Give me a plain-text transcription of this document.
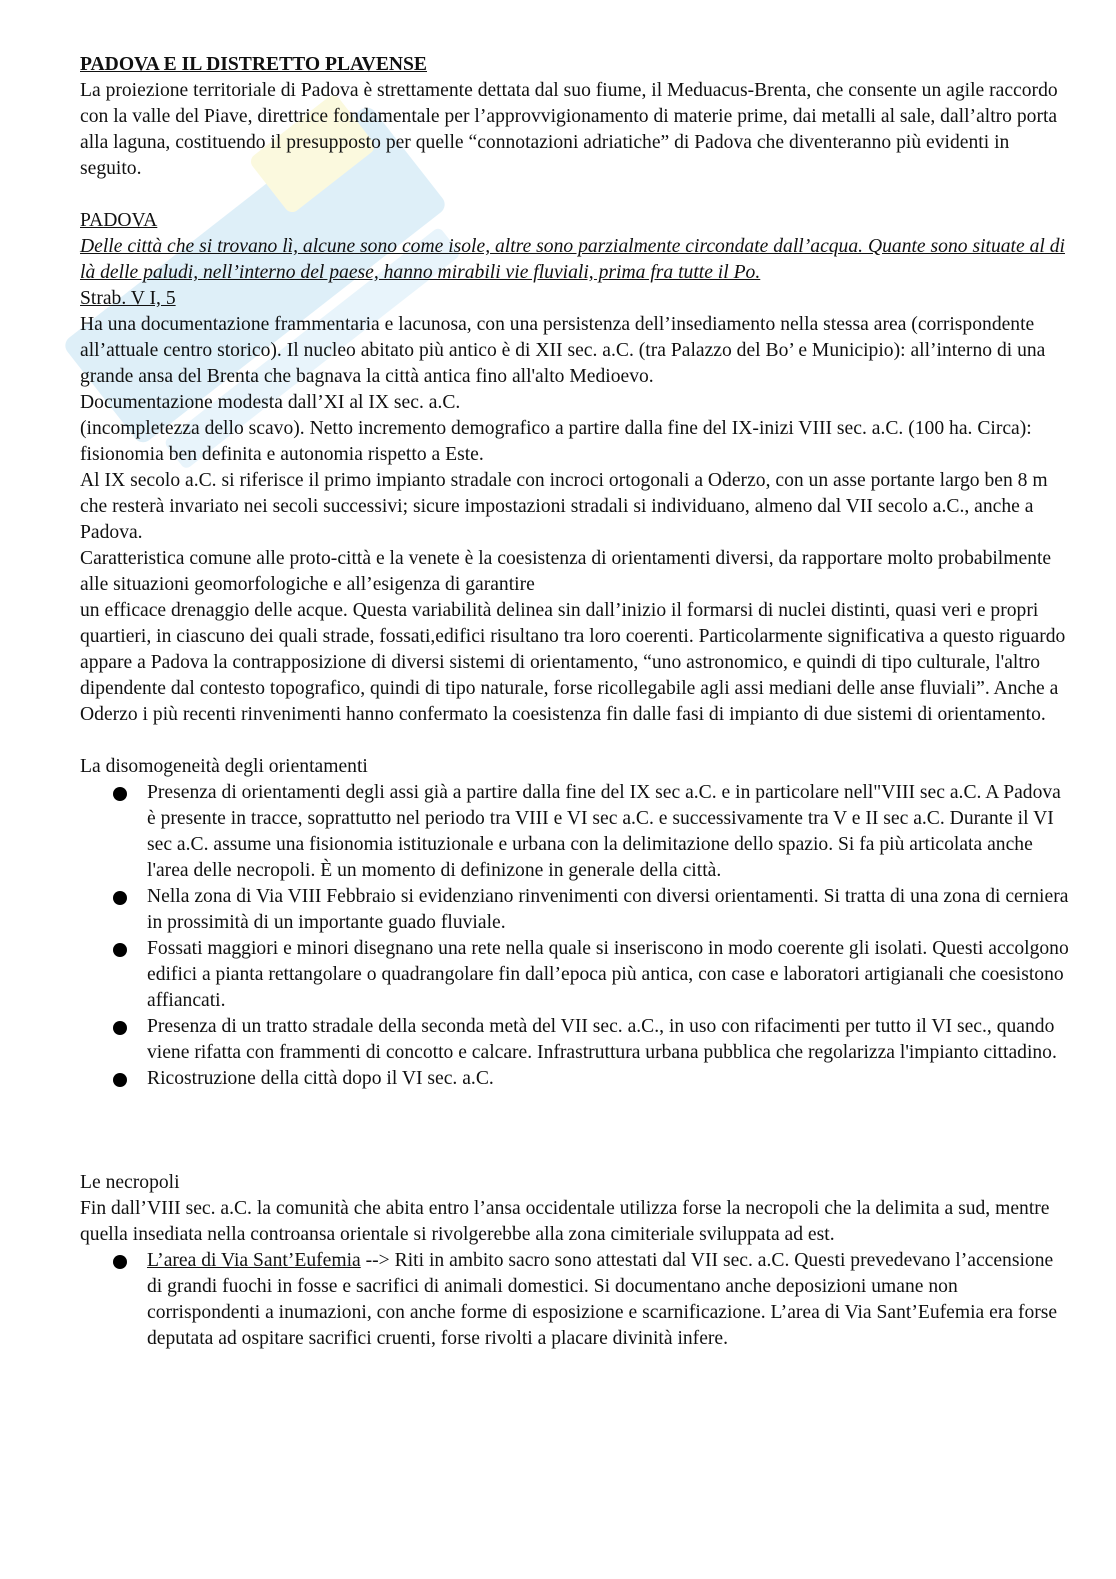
PADOVA E IL DISTRETTO PLAVENSE

La proiezione territoriale di Padova è strettamente dettata dal suo fiume, il Meduacus-Brenta, che consente un agile raccordo con la valle del Piave, direttrice fondamentale per l’approvvigionamento di materie prime, dai metalli al sale, dall’altro porta alla laguna, costituendo il presupposto per quelle “connotazioni adriatiche” di Padova che diventeranno più evidenti in seguito.

PADOVA

Delle città che si trovano lì, alcune sono come isole, altre sono parzialmente circondate dall’acqua. Quante sono situate al di là delle paludi, nell’interno del paese, hanno mirabili vie fluviali, prima fra tutte il Po.

Strab. V I, 5

Ha una documentazione frammentaria e lacunosa, con una persistenza dell’insediamento nella stessa area (corrispondente all’attuale centro storico). Il nucleo abitato più antico è di XII sec. a.C. (tra Palazzo del Bo’ e Municipio): all’interno di una grande ansa del Brenta che bagnava la città antica fino all'alto Medioevo.

Documentazione modesta dall’XI al IX sec. a.C.

(incompletezza dello scavo). Netto incremento demografico a partire dalla fine del IX-inizi VIII sec. a.C. (100 ha. Circa): fisionomia ben definita e autonomia rispetto a Este.

Al IX secolo a.C. si riferisce il primo impianto stradale con incroci ortogonali a Oderzo, con un asse portante largo ben 8 m che resterà invariato nei secoli successivi; sicure impostazioni stradali si individuano, almeno dal VII secolo a.C., anche a Padova.

Caratteristica comune alle proto-città e la venete è la coesistenza di orientamenti diversi, da rapportare molto probabilmente alle situazioni geomorfologiche e all’esigenza di garantire

un efficace drenaggio delle acque. Questa variabilità delinea sin dall’inizio il formarsi di nuclei distinti, quasi veri e propri quartieri, in ciascuno dei quali strade, fossati,edifici risultano tra loro coerenti. Particolarmente significativa a questo riguardo appare a Padova la contrapposizione di diversi sistemi di orientamento, “uno astronomico, e quindi di tipo culturale, l'altro dipendente dal contesto topografico, quindi di tipo naturale, forse ricollegabile agli assi mediani delle anse fluviali”. Anche a Oderzo i più recenti rinvenimenti hanno confermato la coesistenza fin dalle fasi di impianto di due sistemi di orientamento.

La disomogeneità degli orientamenti

Presenza di orientamenti degli assi già a partire dalla fine del IX sec a.C. e in particolare nell"VIII sec a.C. A Padova è presente in tracce, soprattutto nel periodo tra VIII e VI sec a.C. e successivamente tra V e II sec a.C. Durante il VI sec a.C. assume una fisionomia istituzionale e urbana con la delimitazione dello spazio. Si fa più articolata anche l'area delle necropoli. È un momento di definizone in generale della città.
Nella zona di Via VIII Febbraio si evidenziano rinvenimenti con diversi orientamenti. Si tratta di una zona di cerniera in prossimità di un importante guado fluviale.
Fossati maggiori e minori disegnano una rete nella quale si inseriscono in modo coerente gli isolati. Questi accolgono edifici a pianta rettangolare o quadrangolare fin dall’epoca più antica, con case e laboratori artigianali che coesistono affiancati.
Presenza di un tratto stradale della seconda metà del VII sec. a.C., in uso con rifacimenti per tutto il VI sec., quando viene rifatta con frammenti di concotto e calcare. Infrastruttura urbana pubblica che regolarizza l'impianto cittadino.
Ricostruzione della città dopo il VI sec. a.C.

Le necropoli

Fin dall’VIII sec. a.C. la comunità che abita entro l’ansa occidentale utilizza forse la necropoli che la delimita a sud, mentre quella insediata nella controansa orientale si rivolgerebbe alla zona cimiteriale sviluppata ad est.

L’area di Via Sant’Eufemia --> Riti in ambito sacro sono attestati dal VII sec. a.C. Questi prevedevano l’accensione di grandi fuochi in fosse e sacrifici di animali domestici. Si documentano anche deposizioni umane non corrispondenti a inumazioni, con anche forme di esposizione e scarnificazione. L’area di Via Sant’Eufemia era forse deputata ad ospitare sacrifici cruenti, forse rivolti a placare divinità infere.
